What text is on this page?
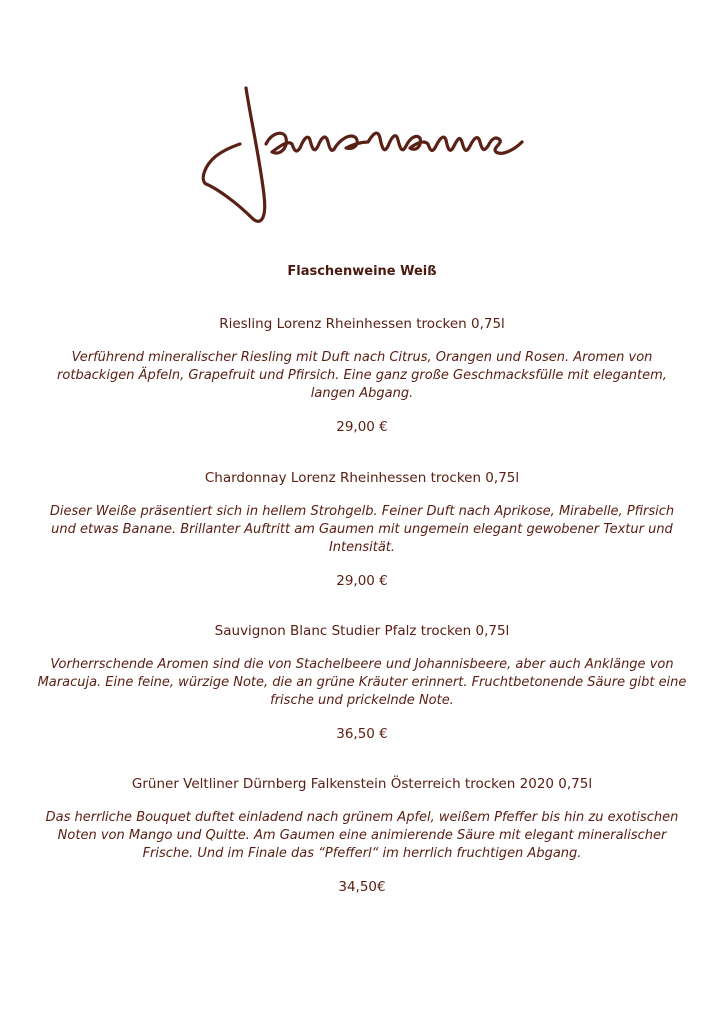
Flaschenweine Weiß
Riesling Lorenz Rheinhessen trocken 0,75l
Verführend mineralischer Riesling mit Duft nach Citrus, Orangen und Rosen. Aromen von rotbackigen Äpfeln, Grapefruit und Pfirsich. Eine ganz große Geschmacksfülle mit elegantem, langen Abgang.
29,00 €
Chardonnay Lorenz Rheinhessen trocken 0,75l
Dieser Weiße präsentiert sich in hellem Strohgelb. Feiner Duft nach Aprikose, Mirabelle, Pfirsich und etwas Banane. Brillanter Auftritt am Gaumen mit ungemein elegant gewobener Textur und Intensität.
29,00 €
Sauvignon Blanc Studier Pfalz trocken 0,75l
Vorherrschende Aromen sind die von Stachelbeere und Johannisbeere, aber auch Anklänge von Maracuja. Eine feine, würzige Note, die an grüne Kräuter erinnert. Fruchtbetonende Säure gibt eine frische und prickelnde Note.
36,50 €
Grüner Veltliner Dürnberg Falkenstein Österreich trocken 2020 0,75l
Das herrliche Bouquet duftet einladend nach grünem Apfel, weißem Pfeffer bis hin zu exotischen Noten von Mango und Quitte. Am Gaumen eine animierende Säure mit elegant mineralischer Frische. Und im Finale das “Pfefferl“ im herrlich fruchtigen Abgang.
34,50€
